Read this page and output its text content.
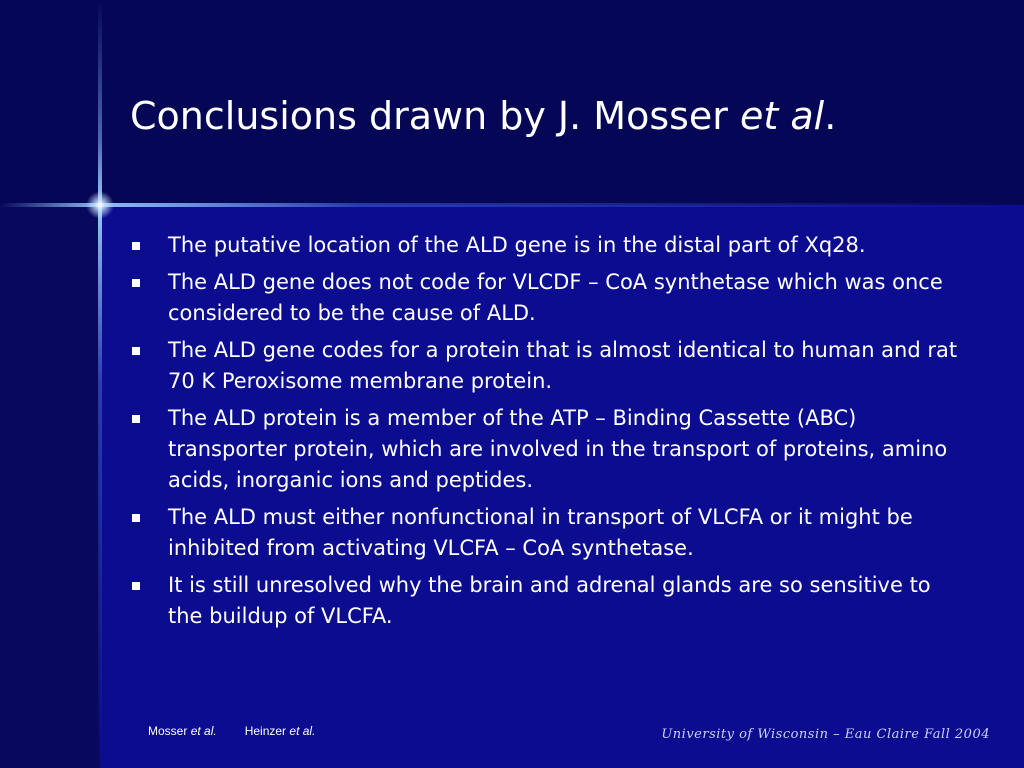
Conclusions drawn by J. Mosser et al.
The putative location of the ALD gene is in the distal part of Xq28.
The ALD gene does not code for VLCDF – CoA synthetase which was once considered to be the cause of ALD.
The ALD gene codes for a protein that is almost identical to human and rat 70 K Peroxisome membrane protein.
The ALD protein is a member of the ATP – Binding Cassette (ABC) transporter protein, which are involved in the transport of proteins, amino acids, inorganic ions and peptides.
The ALD must either nonfunctional in transport of VLCFA or it might be inhibited from activating VLCFA – CoA synthetase.
It is still unresolved why the brain and adrenal glands are so sensitive to the buildup of VLCFA.
Mosser et al. Heinzer et al.	University of Wisconsin – Eau Claire Fall 2004
